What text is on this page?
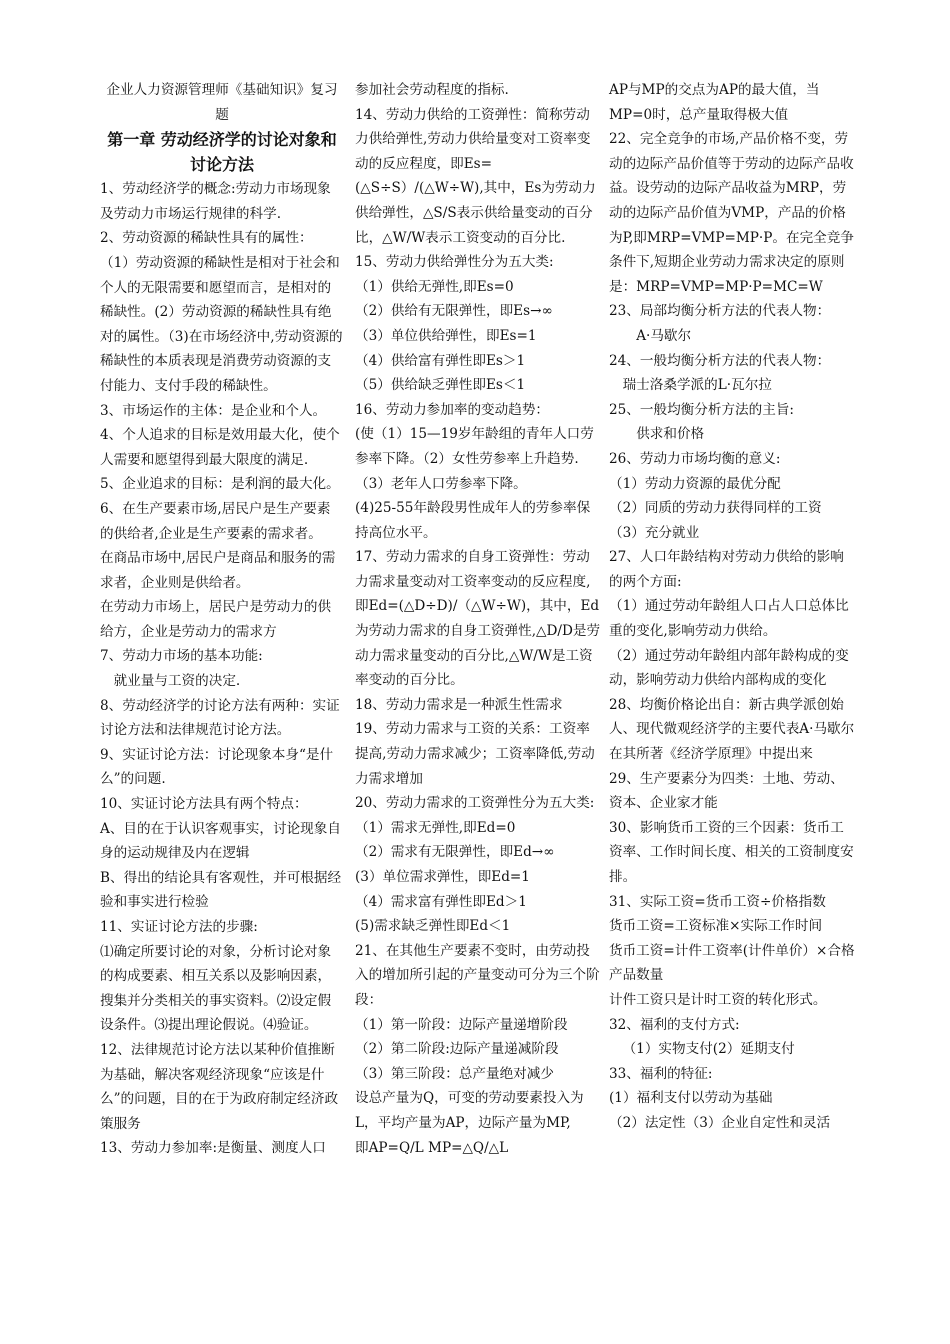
企业人力资源管理师《基础知识》复习题

第一章 劳动经济学的讨论对象和讨论方法

1、劳动经济学的概念:劳动力市场现象及劳动力市场运行规律的科学.

2、劳动资源的稀缺性具有的属性：

（1）劳动资源的稀缺性是相对于社会和个人的无限需要和愿望而言，是相对的稀缺性。(2）劳动资源的稀缺性具有绝对的属性。（3)在市场经济中,劳动资源的稀缺性的本质表现是消费劳动资源的支付能力、支付手段的稀缺性。

3、市场运作的主体：是企业和个人。

4、个人追求的目标是效用最大化，使个人需要和愿望得到最大限度的满足.

5、企业追求的目标：是利润的最大化。

6、在生产要素市场,居民户是生产要素的供给者,企业是生产要素的需求者。

在商品市场中,居民户是商品和服务的需求者，企业则是供给者。

在劳动力市场上，居民户是劳动力的供给方，企业是劳动力的需求方

7、劳动力市场的基本功能:

就业量与工资的决定.

8、劳动经济学的讨论方法有两种：实证讨论方法和法律规范讨论方法。

9、实证讨论方法：讨论现象本身“是什么”的问题.

10、实证讨论方法具有两个特点：

A、目的在于认识客观事实，讨论现象自身的运动规律及内在逻辑

B、得出的结论具有客观性，并可根据经验和事实进行检验

11、实证讨论方法的步骤:

⑴确定所要讨论的对象，分析讨论对象的构成要素、相互关系以及影响因素，搜集并分类相关的事实资料。⑵设定假设条件。⑶提出理论假说。⑷验证。

12、法律规范讨论方法以某种价值推断为基础，解决客观经济现象“应该是什么”的问题，目的在于为政府制定经济政策服务

13、劳动力参加率:是衡量、测度人口

参加社会劳动程度的指标.

14、劳动力供给的工资弹性：简称劳动力供给弹性,劳动力供给量变对工资率变动的反应程度，即Es=(△S÷S）/(△W÷W),其中，Es为劳动力供给弹性，△S/S表示供给量变动的百分比，△W/W表示工资变动的百分比.

15、劳动力供给弹性分为五大类:

（1）供给无弹性,即Es=0

（2）供给有无限弹性，即Es→∞

（3）单位供给弹性，即Es=1

（4）供给富有弹性即Es＞1

（5）供给缺乏弹性即Es＜1

16、劳动力参加率的变动趋势：

(使（1）15—19岁年龄组的青年人口劳参率下降。（2）女性劳参率上升趋势.

（3）老年人口劳参率下降。

(4)25-55年龄段男性成年人的劳参率保持高位水平。

17、劳动力需求的自身工资弹性：劳动力需求量变动对工资率变动的反应程度,即Ed=(△D÷D)/（△W÷W)，其中，Ed为劳动力需求的自身工资弹性,△D/D是劳动力需求量变动的百分比,△W/W是工资率变动的百分比。

18、劳动力需求是一种派生性需求

19、劳动力需求与工资的关系：工资率提高,劳动力需求减少；工资率降低,劳动力需求增加

20、劳动力需求的工资弹性分为五大类:（1）需求无弹性,即Ed=0

（2）需求有无限弹性，即Ed→∞

(3）单位需求弹性，即Ed=1

（4）需求富有弹性即Ed＞1

(5)需求缺乏弹性即Ed＜1

21、在其他生产要素不变时，由劳动投入的增加所引起的产量变动可分为三个阶段：

（1）第一阶段：边际产量递增阶段

（2）第二阶段:边际产量递减阶段

（3）第三阶段：总产量绝对减少

设总产量为Q，可变的劳动要素投入为L，平均产量为AP，边际产量为MP,

即AP=Q/L MP=△Q/△L

AP与MP的交点为AP的最大值，当MP=0时，总产量取得极大值

22、完全竞争的市场,产品价格不变，劳动的边际产品价值等于劳动的边际产品收益。设劳动的边际产品收益为MRP，劳动的边际产品价值为VMP，产品的价格为P,即MRP=VMP=MP·P。在完全竞争条件下,短期企业劳动力需求决定的原则是：MRP=VMP=MP·P=MC=W

23、局部均衡分析方法的代表人物：

A·马歇尔

24、一般均衡分析方法的代表人物：

瑞士洛桑学派的L·瓦尔拉

25、一般均衡分析方法的主旨:

供求和价格

26、劳动力市场均衡的意义:

（1）劳动力资源的最优分配

（2）同质的劳动力获得同样的工资

（3）充分就业

27、人口年龄结构对劳动力供给的影响的两个方面:

（1）通过劳动年龄组人口占人口总体比重的变化,影响劳动力供给。

（2）通过劳动年龄组内部年龄构成的变动，影响劳动力供给内部构成的变化

28、均衡价格论出自：新古典学派创始人、现代微观经济学的主要代表A·马歇尔在其所著《经济学原理》中提出来

29、生产要素分为四类：土地、劳动、资本、企业家才能

30、影响货币工资的三个因素：货币工资率、工作时间长度、相关的工资制度安排。

31、实际工资=货币工资÷价格指数

货币工资=工资标准×实际工作时间

货币工资=计件工资率(计件单价）×合格产品数量

计件工资只是计时工资的转化形式。

32、福利的支付方式:

（1）实物支付(2）延期支付

33、福利的特征:

(1）福利支付以劳动为基础

（2）法定性（3）企业自定性和灵活
